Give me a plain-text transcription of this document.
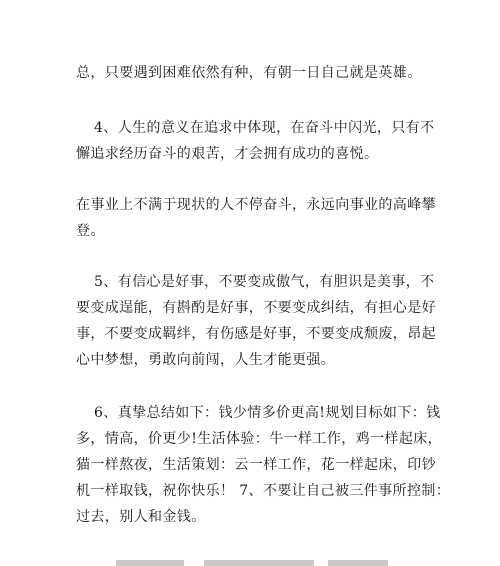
总，只要遇到困难依然有种，有朝一日自己就是英雄。

4、人生的意义在追求中体现，在奋斗中闪光，只有不
懈追求经历奋斗的艰苦，才会拥有成功的喜悦。

在事业上不满于现状的人不停奋斗，永远向事业的高峰攀
登。

5、有信心是好事，不要变成傲气，有胆识是美事，不
要变成逞能，有斟酌是好事，不要变成纠结，有担心是好
事，不要变成羁绊，有伤感是好事，不要变成颓废，昂起
心中梦想，勇敢向前闯，人生才能更强。

6、真挚总结如下：钱少情多价更高!规划目标如下：钱
多，情高，价更少!生活体验：牛一样工作，鸡一样起床，
猫一样熬夜，生活策划：云一样工作，花一样起床，印钞
机一样取钱，祝你快乐！ 7、不要让自己被三件事所控制：
过去，别人和金钱。
